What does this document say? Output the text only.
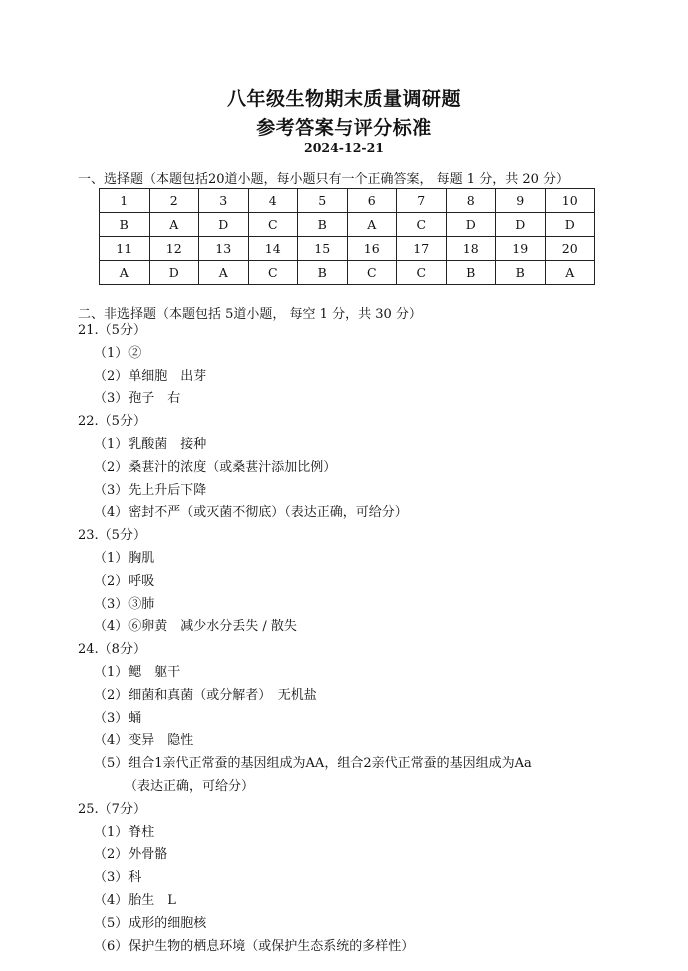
八年级生物期末质量调研题
参考答案与评分标准
2024-12-21
一、选择题（本题包括20道小题，每小题只有一个正确答案， 每题 1 分，共 20 分）
1	2	3	4	5	6	7	8	9	10
B	A	D	C	B	A	C	D	D	D
11	12	13	14	15	16	17	18	19	20
A	D	A	C	B	C	C	B	B	A
二、非选择题（本题包括 5道小题， 每空 1 分，共 30 分）
21.（5分）
（1）②
（2）单细胞　出芽
（3）孢子　右
22.（5分）
（1）乳酸菌　接种
（2）桑葚汁的浓度（或桑葚汁添加比例）
（3）先上升后下降
（4）密封不严（或灭菌不彻底）（表达正确，可给分）
23.（5分）
（1）胸肌
（2）呼吸
（3）③肺
（4）⑥卵黄　减少水分丢失 / 散失
24.（8分）
（1）鳃　躯干
（2）细菌和真菌（或分解者）　无机盐
（3）蛹
（4）变异　隐性
（5）组合1亲代正常蚕的基因组成为AA，组合2亲代正常蚕的基因组成为Aa
（表达正确，可给分）
25.（7分）
（1）脊柱
（2）外骨骼
（3）科
（4）胎生　L
（5）成形的细胞核
（6）保护生物的栖息环境（或保护生态系统的多样性）
